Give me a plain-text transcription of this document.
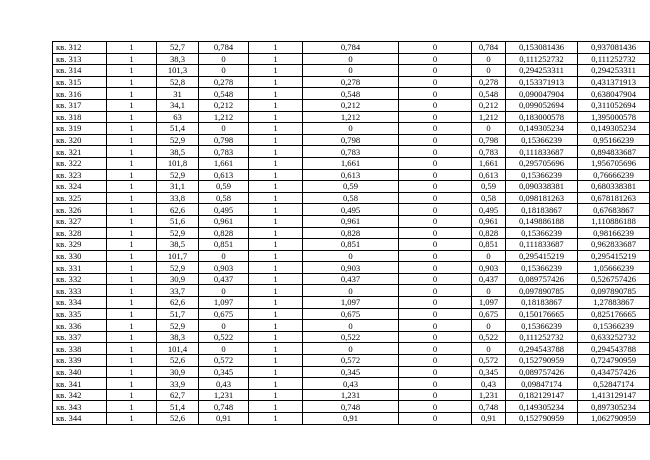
кв. 312	1	52,7	0,784	1	0,784	0	0,784	0,153081436	0,937081436
кв. 313	1	38,3	0	1	0	0	0	0,111252732	0,111252732
кв. 314	1	101,3	0	1	0	0	0	0,294253311	0,294253311
кв. 315	1	52,8	0,278	1	0,278	0	0,278	0,153371913	0,431371913
кв. 316	1	31	0,548	1	0,548	0	0,548	0,090047904	0,638047904
кв. 317	1	34,1	0,212	1	0,212	0	0,212	0,099052694	0,311052694
кв. 318	1	63	1,212	1	1,212	0	1,212	0,183000578	1,395000578
кв. 319	1	51,4	0	1	0	0	0	0,149305234	0,149305234
кв. 320	1	52,9	0,798	1	0,798	0	0,798	0,15366239	0,95166239
кв. 321	1	38,5	0,783	1	0,783	0	0,783	0,111833687	0,894833687
кв. 322	1	101,8	1,661	1	1,661	0	1,661	0,295705696	1,956705696
кв. 323	1	52,9	0,613	1	0,613	0	0,613	0,15366239	0,76666239
кв. 324	1	31,1	0,59	1	0,59	0	0,59	0,090338381	0,680338381
кв. 325	1	33,8	0,58	1	0,58	0	0,58	0,098181263	0,678181263
кв. 326	1	62,6	0,495	1	0,495	0	0,495	0,18183867	0,67683867
кв. 327	1	51,6	0,961	1	0,961	0	0,961	0,149886188	1,110886188
кв. 328	1	52,9	0,828	1	0,828	0	0,828	0,15366239	0,98166239
кв. 329	1	38,5	0,851	1	0,851	0	0,851	0,111833687	0,962833687
кв. 330	1	101,7	0	1	0	0	0	0,295415219	0,295415219
кв. 331	1	52,9	0,903	1	0,903	0	0,903	0,15366239	1,05666239
кв. 332	1	30,9	0,437	1	0,437	0	0,437	0,089757426	0,526757426
кв. 333	1	33,7	0	1	0	0	0	0,097890785	0,097890785
кв. 334	1	62,6	1,097	1	1,097	0	1,097	0,18183867	1,27883867
кв. 335	1	51,7	0,675	1	0,675	0	0,675	0,150176665	0,825176665
кв. 336	1	52,9	0	1	0	0	0	0,15366239	0,15366239
кв. 337	1	38,3	0,522	1	0,522	0	0,522	0,111252732	0,633252732
кв. 338	1	101,4	0	1	0	0	0	0,294543788	0,294543788
кв. 339	1	52,6	0,572	1	0,572	0	0,572	0,152790959	0,724790959
кв. 340	1	30,9	0,345	1	0,345	0	0,345	0,089757426	0,434757426
кв. 341	1	33,9	0,43	1	0,43	0	0,43	0,09847174	0,52847174
кв. 342	1	62,7	1,231	1	1,231	0	1,231	0,182129147	1,413129147
кв. 343	1	51,4	0,748	1	0,748	0	0,748	0,149305234	0,897305234
кв. 344	1	52,6	0,91	1	0,91	0	0,91	0,152790959	1,062790959
